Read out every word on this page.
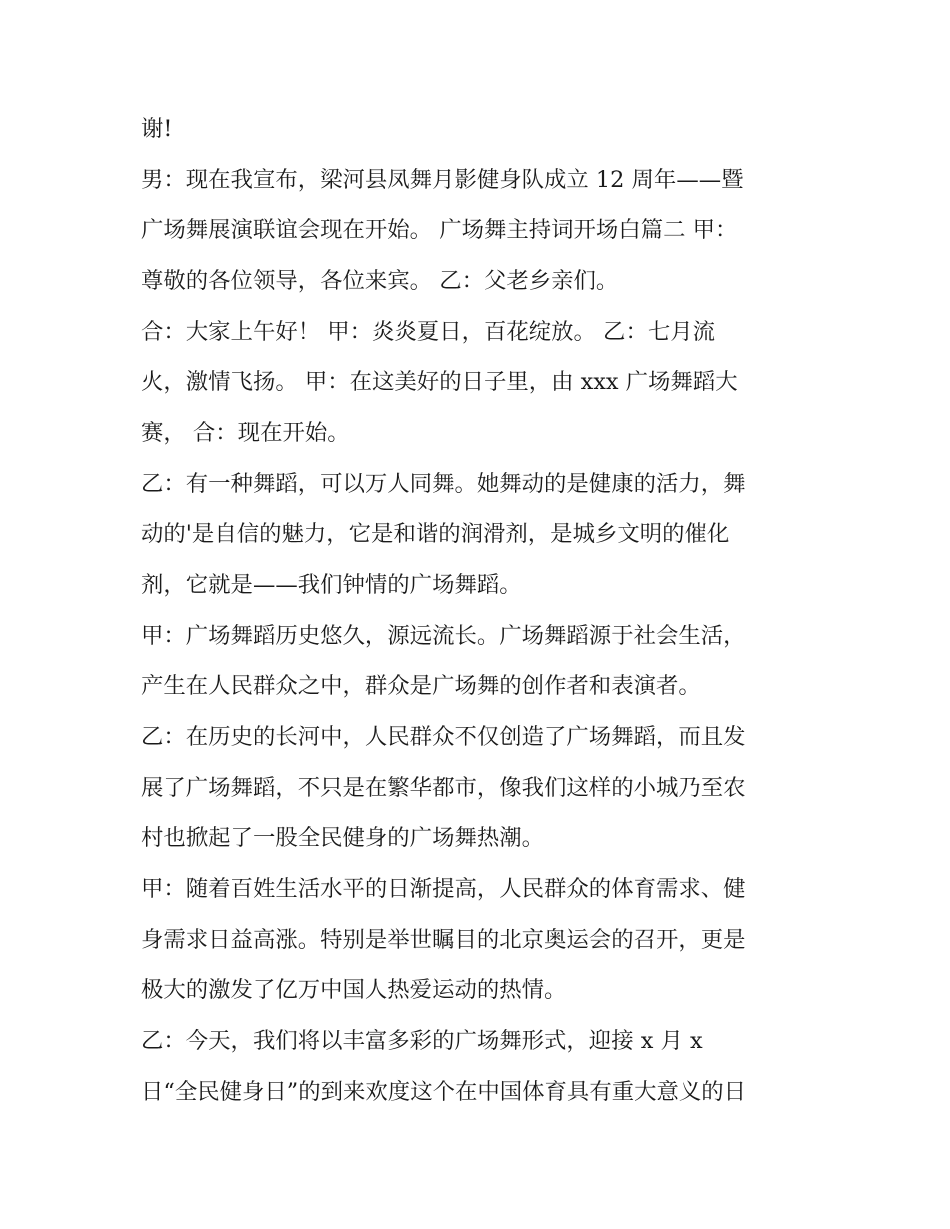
谢!
男：现在我宣布，梁河县凤舞月影健身队成立 12 周年——暨
广场舞展演联谊会现在开始。 广场舞主持词开场白篇二 甲：
尊敬的各位领导，各位来宾。 乙：父老乡亲们。
合：大家上午好！ 甲：炎炎夏日，百花绽放。 乙：七月流
火，激情飞扬。 甲：在这美好的日子里，由 xxx 广场舞蹈大
赛， 合：现在开始。
乙：有一种舞蹈，可以万人同舞。她舞动的是健康的活力，舞
动的'是自信的魅力，它是和谐的润滑剂，是城乡文明的催化
剂，它就是——我们钟情的广场舞蹈。
甲：广场舞蹈历史悠久，源远流长。广场舞蹈源于社会生活，
产生在人民群众之中，群众是广场舞的创作者和表演者。
乙：在历史的长河中，人民群众不仅创造了广场舞蹈，而且发
展了广场舞蹈，不只是在繁华都市，像我们这样的小城乃至农
村也掀起了一股全民健身的广场舞热潮。
甲：随着百姓生活水平的日渐提高，人民群众的体育需求、健
身需求日益高涨。特别是举世瞩目的北京奥运会的召开，更是
极大的激发了亿万中国人热爱运动的热情。
乙：今天，我们将以丰富多彩的广场舞形式，迎接 x 月 x
日“全民健身日”的到来欢度这个在中国体育具有重大意义的日
